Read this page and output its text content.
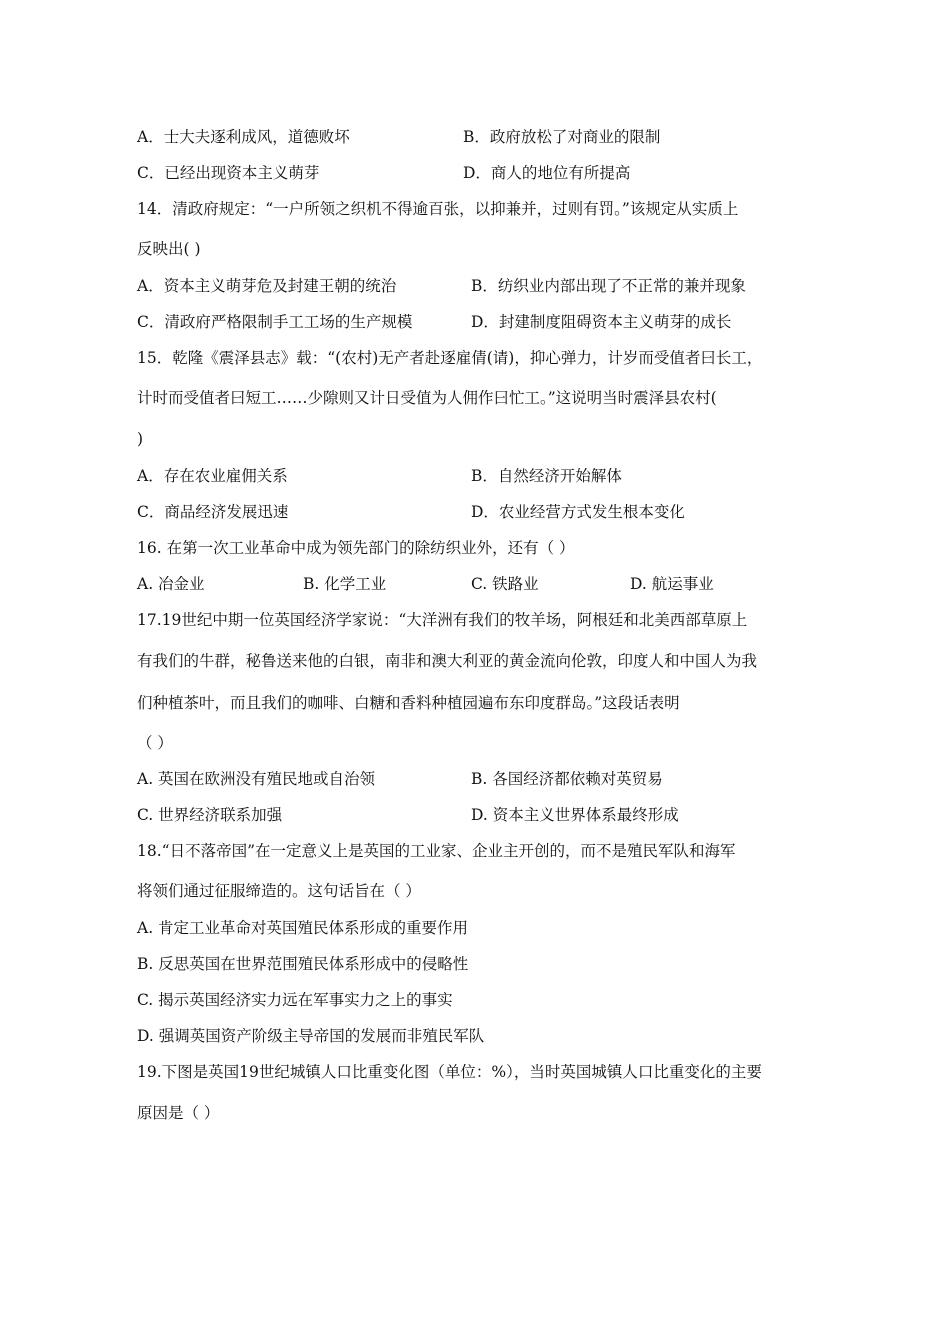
A．士大夫逐利成风，道德败坏	B．政府放松了对商业的限制
C．已经出现资本主义萌芽	D．商人的地位有所提高
14．清政府规定：“一户所领之织机不得逾百张，以抑兼并，过则有罚。”该规定从实质上
反映出( )
A．资本主义萌芽危及封建王朝的统治	B．纺织业内部出现了不正常的兼并现象
C．清政府严格限制手工工场的生产规模	D．封建制度阻碍资本主义萌芽的成长
15．乾隆《震泽县志》载：“(农村)无产者赴逐雇倩(请)，抑心弹力，计岁而受值者曰长工，
计时而受值者曰短工……少隙则又计日受值为人佣作曰忙工。”这说明当时震泽县农村(
)
A．存在农业雇佣关系	B．自然经济开始解体
C．商品经济发展迅速	D．农业经营方式发生根本变化
16. 在第一次工业革命中成为领先部门的除纺织业外，还有（ ）
A. 冶金业	B. 化学工业	C. 铁路业	D. 航运事业
17.19世纪中期一位英国经济学家说：“大洋洲有我们的牧羊场，阿根廷和北美西部草原上
有我们的牛群，秘鲁送来他的白银，南非和澳大利亚的黄金流向伦敦，印度人和中国人为我
们种植茶叶，而且我们的咖啡、白糖和香料种植园遍布东印度群岛。”这段话表明
（ ）
A. 英国在欧洲没有殖民地或自治领	B. 各国经济都依赖对英贸易
C. 世界经济联系加强	D. 资本主义世界体系最终形成
18.“日不落帝国”在一定意义上是英国的工业家、企业主开创的，而不是殖民军队和海军
将领们通过征服缔造的。这句话旨在（ ）
A. 肯定工业革命对英国殖民体系形成的重要作用
B. 反思英国在世界范围殖民体系形成中的侵略性
C. 揭示英国经济实力远在军事实力之上的事实
D. 强调英国资产阶级主导帝国的发展而非殖民军队
19.下图是英国19世纪城镇人口比重变化图（单位：%），当时英国城镇人口比重变化的主要
原因是（ ）
